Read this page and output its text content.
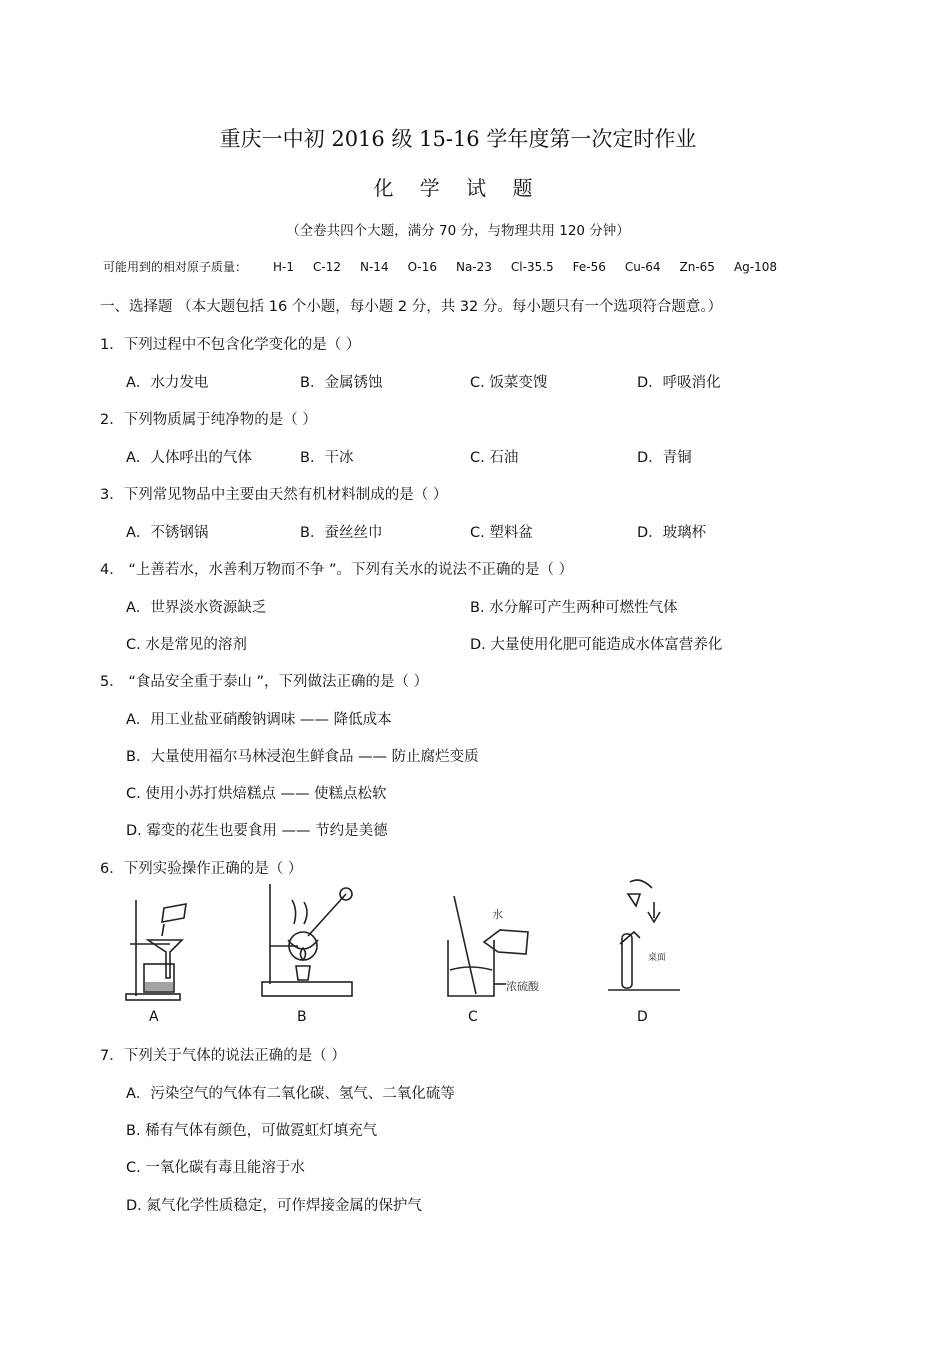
重庆一中初 2016 级 15-16 学年度第一次定时作业
化 学 试 题
（全卷共四个大题，满分 70 分，与物理共用 120 分钟）
可能用到的相对原子质量： H-1 C-12 N-14 O-16 Na-23 Cl-35.5 Fe-56 Cu-64 Zn-65 Ag-108
一、选择题 （本大题包括 16 个小题，每小题 2 分，共 32 分。每小题只有一个选项符合题意。）
1．下列过程中不包含化学变化的是（ ）
A．水力发电	B．金属锈蚀	C. 饭菜变馊	D．呼吸消化
2．下列物质属于纯净物的是（ ）
A．人体呼出的气体	B．干冰	C. 石油	D．青铜
3．下列常见物品中主要由天然有机材料制成的是（ ）
A．不锈钢锅	B．蚕丝丝巾	C. 塑料盆	D．玻璃杯
4． “上善若水，水善利万物而不争 ”。下列有关水的说法不正确的是（ ）
A．世界淡水资源缺乏	B. 水分解可产生两种可燃性气体
C. 水是常见的溶剂	D. 大量使用化肥可能造成水体富营养化
5． “食品安全重于泰山 ”，下列做法正确的是（ ）
A．用工业盐亚硝酸钠调味 —— 降低成本
B．大量使用福尔马林浸泡生鲜食品 —— 防止腐烂变质
C. 使用小苏打烘焙糕点 —— 使糕点松软
D. 霉变的花生也要食用 —— 节约是美德
6．下列实验操作正确的是（ ）
水
浓硫酸
桌面
A	B	C	D
7．下列关于气体的说法正确的是（ ）
A．污染空气的气体有二氧化碳、氢气、二氧化硫等
B. 稀有气体有颜色，可做霓虹灯填充气
C. 一氧化碳有毒且能溶于水
D. 氮气化学性质稳定，可作焊接金属的保护气
